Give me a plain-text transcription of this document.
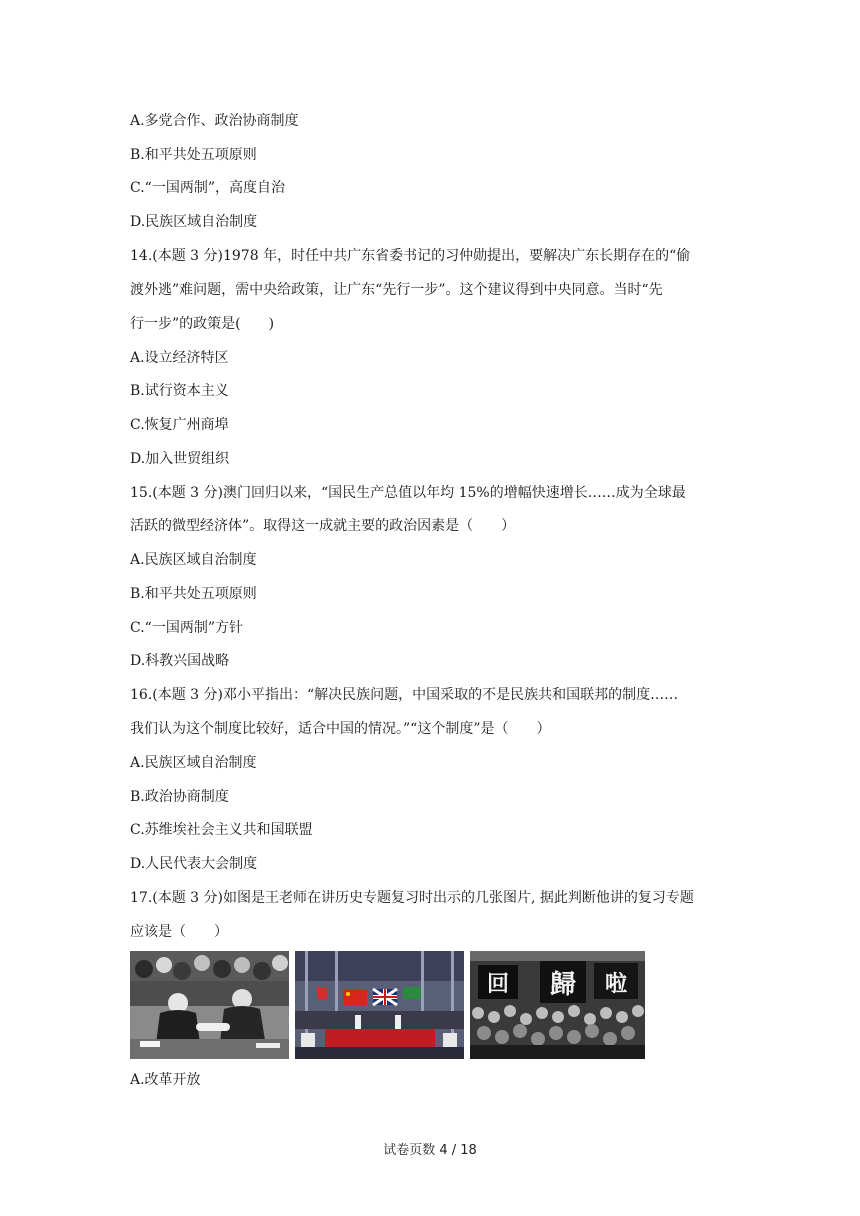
A.多党合作、政治协商制度
B.和平共处五项原则
C.“一国两制”，高度自治
D.民族区域自治制度
14.(本题 3 分)1978 年，时任中共广东省委书记的习仲勋提出，要解决广东长期存在的“偷
渡外逃”难问题，需中央给政策，让广东“先行一步”。这个建议得到中央同意。当时“先
行一步”的政策是(　　)
A.设立经济特区
B.试行资本主义
C.恢复广州商埠
D.加入世贸组织
15.(本题 3 分)澳门回归以来，“国民生产总值以年均 15%的增幅快速增长……成为全球最
活跃的微型经济体”。取得这一成就主要的政治因素是（　　）
A.民族区域自治制度
B.和平共处五项原则
C.“一国两制”方针
D.科教兴国战略
16.(本题 3 分)邓小平指出：“解决民族问题，中国采取的不是民族共和国联邦的制度……
我们认为这个制度比较好，适合中国的情况。”“这个制度”是（　　）
A.民族区域自治制度
B.政治协商制度
C.苏维埃社会主义共和国联盟
D.人民代表大会制度
17.(本题 3 分)如图是王老师在讲历史专题复习时出示的几张图片, 据此判断他讲的复习专题
应该是（　　）
回 歸 啦
A.改革开放
试卷页数 4 / 18
